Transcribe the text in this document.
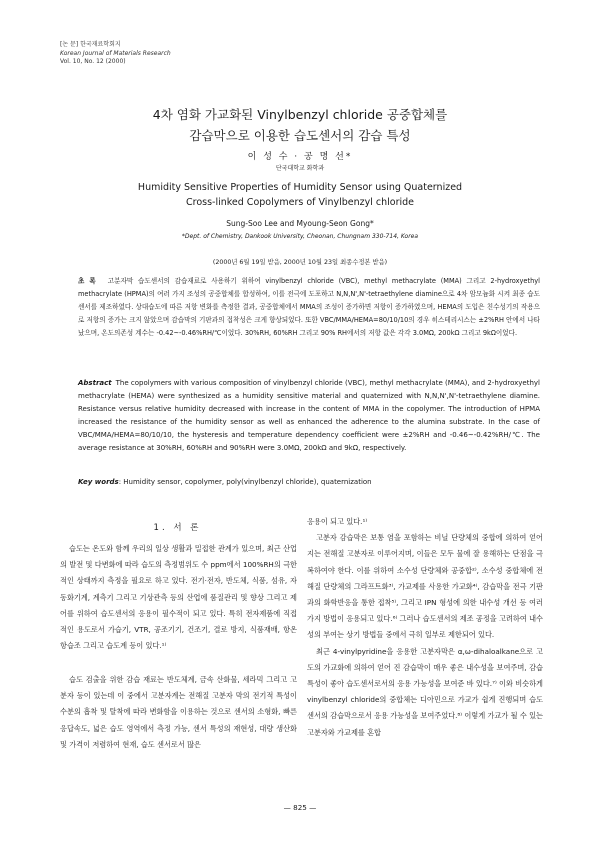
[논 문] 한국재료학회지
Korean Journal of Materials Research
Vol. 10, No. 12 (2000)
4차 염화 가교화된 Vinylbenzyl chloride 공중합체를
감습막으로 이용한 습도센서의 감습 특성
이 성 수 · 공 명 선*
단국대학교 화학과
Humidity Sensitive Properties of Humidity Sensor using Quaternized
Cross-linked Copolymers of Vinylbenzyl chloride
Sung-Soo Lee and Myoung-Seon Gong*
*Dept. of Chemistry, Dankook University, Cheonan, Chungnam 330-714, Korea
(2000년 6월 19일 받음, 2000년 10월 23일 최종수정본 받음)
초 록 고분자막 습도센서의 감습재료로 사용하기 위하여 vinylbenzyl chloride (VBC), methyl methacrylate (MMA) 그리고 2-hydroxyethyl methacrylate (HPMA)의 여러 가지 조성의 공중합체를 합성하여, 이를 전극에 도포하고 N,N,N',N'-tetraethylene diamine으로 4차 암모늄화 시켜 최종 습도센서를 제조하였다. 상대습도에 따른 저항 변화를 측정한 결과, 공중합체에서 MMA의 조성이 증가하면 저항이 증가하였으며, HEMA의 도입은 친수성기의 작용으로 저항의 증가는 크지 않았으며 감습막의 기판과의 접착성은 크게 향상되었다. 또한 VBC/MMA/HEMA=80/10/10의 경우 히스테리시스는 ±2%RH 안에서 나타났으며, 온도의존성 계수는 -0.42~-0.46%RH/℃이었다. 30%RH, 60%RH 그리고 90% RH에서의 저항 값은 각각 3.0MΩ, 200kΩ 그리고 9kΩ이었다.
Abstract The copolymers with various composition of vinylbenzyl chloride (VBC), methyl methacrylate (MMA), and 2-hydroxyethyl methacrylate (HEMA) were synthesized as a humidity sensitive material and quaternized with N,N,N',N'-tetraethylene diamine. Resistance versus relative humidity decreased with increase in the content of MMA in the copolymer. The introduction of HPMA increased the resistance of the humidity sensor as well as enhanced the adherence to the alumina substrate. In the case of VBC/MMA/HEMA=80/10/10, the hysteresis and temperature dependency coefficient were ±2%RH and -0.46~-0.42%RH/℃. The average resistance at 30%RH, 60%RH and 90%RH were 3.0MΩ, 200kΩ and 9kΩ, respectively.
Key words: Humidity sensor, copolymer, poly(vinylbenzyl chloride), quaternization
1. 서 론

습도는 온도와 함께 우리의 일상 생활과 밀접한 관계가 있으며, 최근 산업의 발전 및 다변화에 따라 습도의 측정범위도 수 ppm에서 100%RH의 극한적인 상태까지 측정을 필요로 하고 있다. 전기·전자, 반도체, 식품, 섬유, 자동화기계, 계측기 그리고 기상관측 등의 산업에 품질관리 및 향상 그리고 제어를 위하여 습도센서의 응용이 필수적이 되고 있다. 특히 전자제품에 직접적인 용도로서 가습기, VTR, 공조기기, 건조기, 결로 방지, 식품재배, 항온 항습조 그리고 습도계 등이 있다.¹⁾

습도 검출을 위한 감습 재료는 반도체계, 금속 산화물, 세라믹 그리고 고분자 등이 있는데 이 중에서 고분자계는 전해질 고분자 막의 전기적 특성이 수분의 흡착 및 탈착에 따라 변화함을 이용하는 것으로 센서의 소형화, 빠른 응답속도, 넓은 습도 영역에서 측정 가능, 센서 특성의 재현성, 대량 생산화 및 가격이 저렴하여 현재, 습도 센서로서 많은

응용이 되고 있다.¹⁾

고분자 감습막은 보통 염을 포함하는 비닐 단량체의 중합에 의하여 얻어지는 전해질 고분자로 이루어지며, 이들은 모두 물에 잘 용해하는 단점을 극복하여야 한다. 이를 위하여 소수성 단량체와 공중합²⁾, 소수성 중합체에 전해질 단량체의 그라프트화³⁾, 가교제를 사용한 가교화⁴⁾, 감습막을 전극 기판과의 화학반응을 통한 접착⁵⁾, 그리고 IPN 형성에 의한 내수성 개선 등 여러 가지 방법이 응용되고 있다.⁶⁾ 그러나 습도센서의 제조 공정을 고려하여 내수성의 부여는 상기 방법들 중에서 극히 일부로 제한되어 있다.

최근 4-vinylpyridine을 응용한 고분자막은 α,ω-dihaloalkane으로 고도의 가교화에 의하여 얻어 진 감습막이 매우 좋은 내수성을 보여주며, 감습 특성이 좋아 습도센서로서의 응용 가능성을 보여준 바 있다.⁷⁾ 이와 비슷하게 vinylbenzyl chloride의 중합체는 디아민으로 가교가 쉽게 진행되며 습도센서의 감습막으로서 응용 가능성을 보여주었다.⁸⁾ 이렇게 가교가 될 수 있는 고분자와 가교제를 혼합

— 825 —
